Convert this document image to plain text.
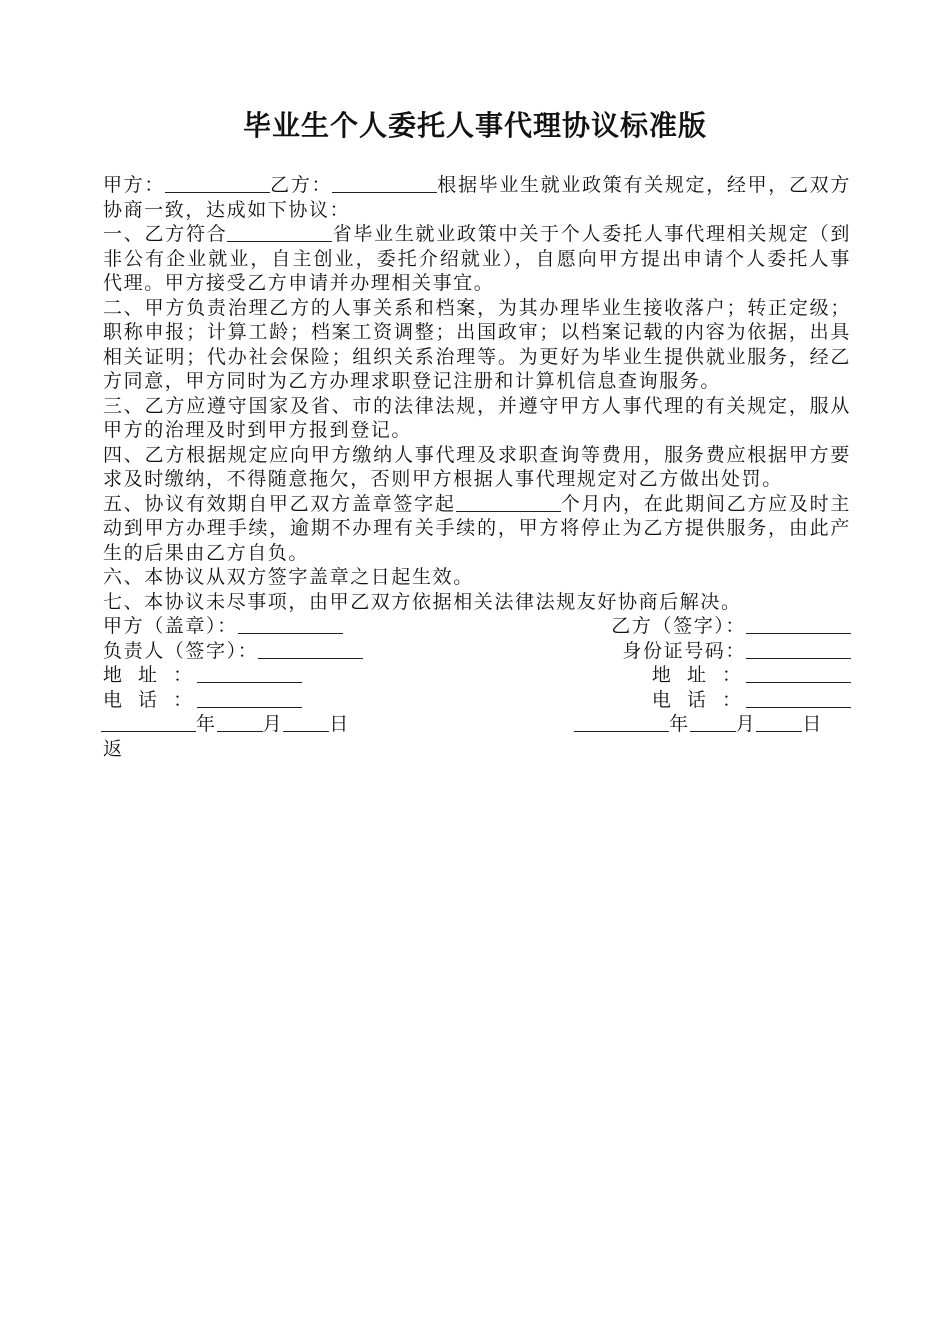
毕业生个人委托人事代理协议标准版

甲方：	乙方：	根据毕业生就业政策有关规定，经甲，乙双方协商一致，达成如下协议：

一、乙方符合	省毕业生就业政策中关于个人委托人事代理相关规定（到非公有企业就业，自主创业，委托介绍就业），自愿向甲方提出申请个人委托人事代理。甲方接受乙方申请并办理相关事宜。

二、甲方负责治理乙方的人事关系和档案，为其办理毕业生接收落户；转正定级；职称申报；计算工龄；档案工资调整；出国政审；以档案记载的内容为依据，出具相关证明；代办社会保险；组织关系治理等。为更好为毕业生提供就业服务，经乙方同意，甲方同时为乙方办理求职登记注册和计算机信息查询服务。

三、乙方应遵守国家及省、市的法律法规，并遵守甲方人事代理的有关规定，服从甲方的治理及时到甲方报到登记。

四、乙方根据规定应向甲方缴纳人事代理及求职查询等费用，服务费应根据甲方要求及时缴纳，不得随意拖欠，否则甲方根据人事代理规定对乙方做出处罚。

五、协议有效期自甲乙双方盖章签字起	个月内，在此期间乙方应及时主动到甲方办理手续，逾期不办理有关手续的，甲方将停止为乙方提供服务，由此产生的后果由乙方自负。

六、本协议从双方签字盖章之日起生效。

七、本协议未尽事项，由甲乙双方依据相关法律法规友好协商后解决。

甲方（盖章）：	乙方（签字）：
负责人（签字）：	身份证号码：
地 址 ：	地 址 ：
电 话 ：	电 话 ：
年 月 日	年 月 日

返
